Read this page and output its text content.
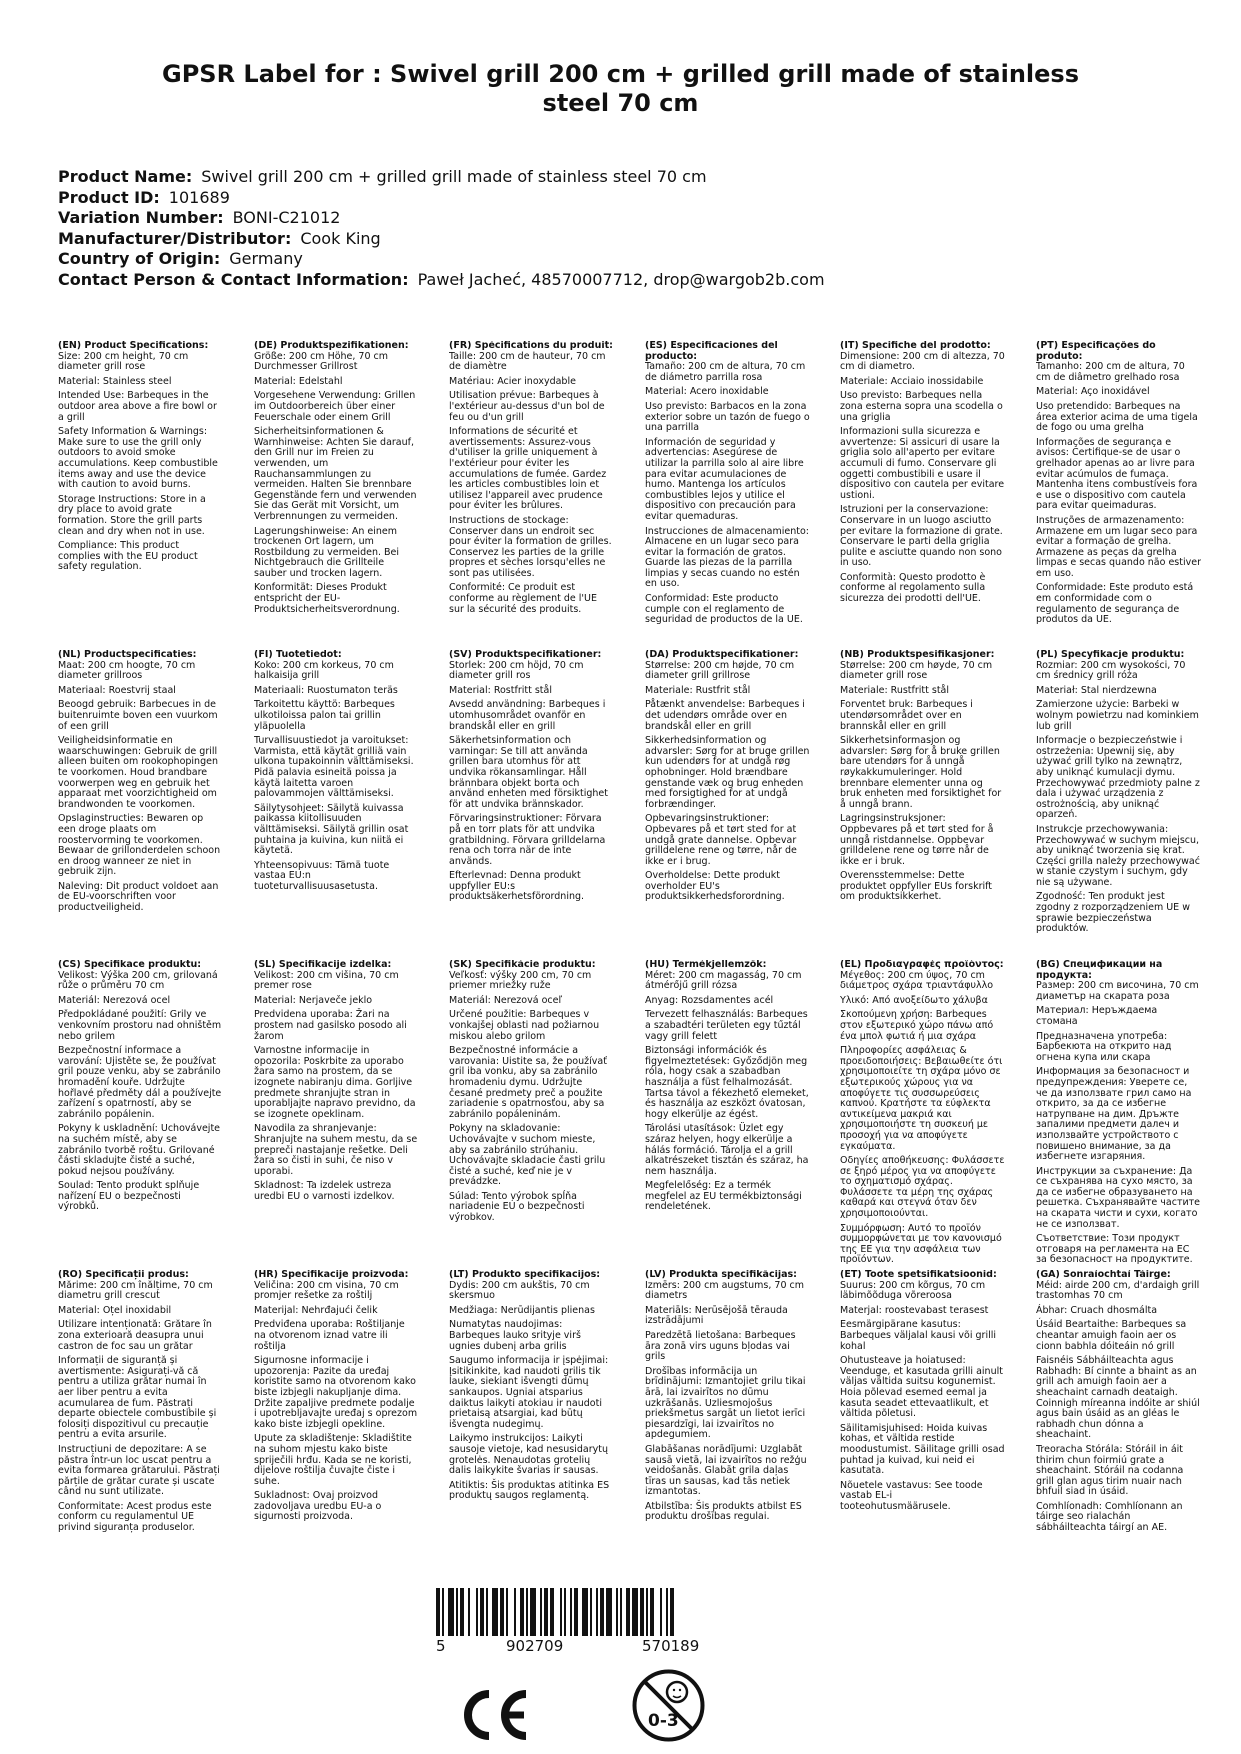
GPSR Label for : Swivel grill 200 cm + grilled grill made of stainless steel 70 cm
Product Name: Swivel grill 200 cm + grilled grill made of stainless steel 70 cm
Product ID: 101689
Variation Number: BONI-C21012
Manufacturer/Distributor: Cook King
Country of Origin: Germany
Contact Person & Contact Information: Paweł Jacheć, 48570007712, drop@wargob2b.com
(EN) Product Specifications:

Size: 200 cm height, 70 cm diameter grill rose

Material: Stainless steel

Intended Use: Barbeques in the outdoor area above a fire bowl or a grill

Safety Information & Warnings: Make sure to use the grill only outdoors to avoid smoke accumulations. Keep combustible items away and use the device with caution to avoid burns.

Storage Instructions: Store in a dry place to avoid grate formation. Store the grill parts clean and dry when not in use.

Compliance: This product complies with the EU product safety regulation.

(DE) Produktspezifikationen:

Größe: 200 cm Höhe, 70 cm Durchmesser Grillrost

Material: Edelstahl

Vorgesehene Verwendung: Grillen im Outdoorbereich über einer Feuerschale oder einem Grill

Sicherheitsinformationen & Warnhinweise: Achten Sie darauf, den Grill nur im Freien zu verwenden, um Rauchansammlungen zu vermeiden. Halten Sie brennbare Gegenstände fern und verwenden Sie das Gerät mit Vorsicht, um Verbrennungen zu vermeiden.

Lagerungshinweise: An einem trockenen Ort lagern, um Rostbildung zu vermeiden. Bei Nichtgebrauch die Grillteile sauber und trocken lagern.

Konformität: Dieses Produkt entspricht der EU-Produktsicherheitsverordnung.

(FR) Spécifications du produit:

Taille: 200 cm de hauteur, 70 cm de diamètre

Matériau: Acier inoxydable

Utilisation prévue: Barbeques à l'extérieur au-dessus d'un bol de feu ou d'un grill

Informations de sécurité et avertissements: Assurez-vous d'utiliser la grille uniquement à l'extérieur pour éviter les accumulations de fumée. Gardez les articles combustibles loin et utilisez l'appareil avec prudence pour éviter les brûlures.

Instructions de stockage: Conserver dans un endroit sec pour éviter la formation de grilles. Conservez les parties de la grille propres et sèches lorsqu'elles ne sont pas utilisées.

Conformité: Ce produit est conforme au règlement de l'UE sur la sécurité des produits.

(ES) Especificaciones del producto:

Tamaño: 200 cm de altura, 70 cm de diámetro parrilla rosa

Material: Acero inoxidable

Uso previsto: Barbacos en la zona exterior sobre un tazón de fuego o una parrilla

Información de seguridad y advertencias: Asegúrese de utilizar la parrilla solo al aire libre para evitar acumulaciones de humo. Mantenga los artículos combustibles lejos y utilice el dispositivo con precaución para evitar quemaduras.

Instrucciones de almacenamiento: Almacene en un lugar seco para evitar la formación de gratos. Guarde las piezas de la parrilla limpias y secas cuando no estén en uso.

Conformidad: Este producto cumple con el reglamento de seguridad de productos de la UE.

(IT) Specifiche del prodotto:

Dimensione: 200 cm di altezza, 70 cm di diametro.

Materiale: Acciaio inossidabile

Uso previsto: Barbeques nella zona esterna sopra una scodella o una griglia

Informazioni sulla sicurezza e avvertenze: Si assicuri di usare la griglia solo all'aperto per evitare accumuli di fumo. Conservare gli oggetti combustibili e usare il dispositivo con cautela per evitare ustioni.

Istruzioni per la conservazione: Conservare in un luogo asciutto per evitare la formazione di grate. Conservare le parti della griglia pulite e asciutte quando non sono in uso.

Conformità: Questo prodotto è conforme al regolamento sulla sicurezza dei prodotti dell'UE.

(PT) Especificações do produto:

Tamanho: 200 cm de altura, 70 cm de diâmetro grelhado rosa

Material: Aço inoxidável

Uso pretendido: Barbeques na área exterior acima de uma tigela de fogo ou uma grelha

Informações de segurança e avisos: Certifique-se de usar o grelhador apenas ao ar livre para evitar acúmulos de fumaça. Mantenha itens combustíveis fora e use o dispositivo com cautela para evitar queimaduras.

Instruções de armazenamento: Armazene em um lugar seco para evitar a formação de grelha. Armazene as peças da grelha limpas e secas quando não estiver em uso.

Conformidade: Este produto está em conformidade com o regulamento de segurança de produtos da UE.

(NL) Productspecificaties:

Maat: 200 cm hoogte, 70 cm diameter grillroos

Materiaal: Roestvrij staal

Beoogd gebruik: Barbecues in de buitenruimte boven een vuurkom of een grill

Veiligheidsinformatie en waarschuwingen: Gebruik de grill alleen buiten om rookophopingen te voorkomen. Houd brandbare voorwerpen weg en gebruik het apparaat met voorzichtigheid om brandwonden te voorkomen.

Opslaginstructies: Bewaren op een droge plaats om roostervorming te voorkomen. Bewaar de grillonderdelen schoon en droog wanneer ze niet in gebruik zijn.

Naleving: Dit product voldoet aan de EU-voorschriften voor productveiligheid.

(FI) Tuotetiedot:

Koko: 200 cm korkeus, 70 cm halkaisija grill

Materiaali: Ruostumaton teräs

Tarkoitettu käyttö: Barbeques ulkotiloissa palon tai grillin yläpuolella

Turvallisuustiedot ja varoitukset: Varmista, että käytät grilliä vain ulkona tupakoinnin välttämiseksi. Pidä palavia esineitä poissa ja käytä laitetta varoen palovammojen välttämiseksi.

Säilytysohjeet: Säilytä kuivassa paikassa kiitollisuuden välttämiseksi. Säilytä grillin osat puhtaina ja kuivina, kun niitä ei käytetä.

Yhteensopivuus: Tämä tuote vastaa EU:n tuoteturvallisuusasetusta.

(SV) Produktspecifikationer:

Storlek: 200 cm höjd, 70 cm diameter grill ros

Material: Rostfritt stål

Avsedd användning: Barbeques i utomhusområdet ovanför en brandskål eller en grill

Säkerhetsinformation och varningar: Se till att använda grillen bara utomhus för att undvika rökansamlingar. Håll brännbara objekt borta och använd enheten med försiktighet för att undvika brännskador.

Förvaringsinstruktioner: Förvara på en torr plats för att undvika gratbildning. Förvara grilldelarna rena och torra när de inte används.

Efterlevnad: Denna produkt uppfyller EU:s produktsäkerhetsförordning.

(DA) Produktspecifikationer:

Størrelse: 200 cm højde, 70 cm diameter grill grillrose

Materiale: Rustfrit stål

Påtænkt anvendelse: Barbeques i det udendørs område over en brandskål eller en grill

Sikkerhedsinformation og advarsler: Sørg for at bruge grillen kun udendørs for at undgå røg ophobninger. Hold brændbare genstande væk og brug enheden med forsigtighed for at undgå forbrændinger.

Opbevaringsinstruktioner: Opbevares på et tørt sted for at undgå grate dannelse. Opbevar grilldelene rene og tørre, når de ikke er i brug.

Overholdelse: Dette produkt overholder EU's produktsikkerhedsforordning.

(NB) Produktspesifikasjoner:

Størrelse: 200 cm høyde, 70 cm diameter grill rose

Materiale: Rustfritt stål

Forventet bruk: Barbeques i utendørsområdet over en brannskål eller en grill

Sikkerhetsinformasjon og advarsler: Sørg for å bruke grillen bare utendørs for å unngå røykakkumuleringer. Hold brennbare elementer unna og bruk enheten med forsiktighet for å unngå brann.

Lagringsinstruksjoner: Oppbevares på et tørt sted for å unngå ristdannelse. Oppbevar grilldelene rene og tørre når de ikke er i bruk.

Overensstemmelse: Dette produktet oppfyller EUs forskrift om produktsikkerhet.

(PL) Specyfikacje produktu:

Rozmiar: 200 cm wysokości, 70 cm średnicy grill róża

Materiał: Stal nierdzewna

Zamierzone użycie: Barbeki w wolnym powietrzu nad kominkiem lub grill

Informacje o bezpieczeństwie i ostrzeżenia: Upewnij się, aby używać grill tylko na zewnątrz, aby uniknąć kumulacji dymu. Przechowywać przedmioty palne z dala i używać urządzenia z ostrożnością, aby uniknąć oparzeń.

Instrukcje przechowywania: Przechowywać w suchym miejscu, aby uniknąć tworzenia się krat. Części grilla należy przechowywać w stanie czystym i suchym, gdy nie są używane.

Zgodność: Ten produkt jest zgodny z rozporządzeniem UE w sprawie bezpieczeństwa produktów.

(CS) Specifikace produktu:

Velikost: Výška 200 cm, grilovaná růže o průměru 70 cm

Materiál: Nerezová ocel

Předpokládané použití: Grily ve venkovním prostoru nad ohništěm nebo grilem

Bezpečnostní informace a varování: Ujistěte se, že používat gril pouze venku, aby se zabránilo hromadění kouře. Udržujte hořlavé předměty dál a používejte zařízení s opatrností, aby se zabránilo popálenin.

Pokyny k uskladnění: Uchovávejte na suchém místě, aby se zabránilo tvorbě roštu. Grilované části skladujte čisté a suché, pokud nejsou používány.

Soulad: Tento produkt splňuje nařízení EU o bezpečnosti výrobků.

(SL) Specifikacije izdelka:

Velikost: 200 cm višina, 70 cm premer rose

Material: Nerjaveče jeklo

Predvidena uporaba: Žari na prostem nad gasilsko posodo ali žarom

Varnostne informacije in opozorila: Poskrbite za uporabo žara samo na prostem, da se izognete nabiranju dima. Gorljive predmete shranjujte stran in uporabljajte napravo previdno, da se izognete opeklinam.

Navodila za shranjevanje: Shranjujte na suhem mestu, da se prepreči nastajanje rešetke. Deli žara so čisti in suhi, če niso v uporabi.

Skladnost: Ta izdelek ustreza uredbi EU o varnosti izdelkov.

(SK) Špecifikácie produktu:

Veľkosť: výšky 200 cm, 70 cm priemer mriežky ruže

Materiál: Nerezová oceľ

Určené použitie: Barbeques v vonkajšej oblasti nad požiarnou miskou alebo grilom

Bezpečnostné informácie a varovania: Uistite sa, že používať gril iba vonku, aby sa zabránilo hromadeniu dymu. Udržujte česané predmety preč a použite zariadenie s opatrnosťou, aby sa zabránilo popáleninám.

Pokyny na skladovanie: Uchovávajte v suchom mieste, aby sa zabránilo strúhaniu. Uchovávajte skladacie časti grilu čisté a suché, keď nie je v prevádzke.

Súlad: Tento výrobok spĺňa nariadenie EÚ o bezpečnosti výrobkov.

(HU) Termékjellemzők:

Méret: 200 cm magasság, 70 cm átmérőjű grill rózsa

Anyag: Rozsdamentes acél

Tervezett felhasználás: Barbeques a szabadtéri területen egy tűztál vagy grill felett

Biztonsági információk és figyelmeztetések: Győződjön meg róla, hogy csak a szabadban használja a füst felhalmozását. Tartsa távol a fékezhető elemeket, és használja az eszközt óvatosan, hogy elkerülje az égést.

Tárolási utasítások: Üzlet egy száraz helyen, hogy elkerülje a hálás formáció. Tárolja el a grill alkatrészeket tisztán és száraz, ha nem használja.

Megfelelőség: Ez a termék megfelel az EU termékbiztonsági rendeletének.

(EL) Προδιαγραφές προϊόντος:

Μέγεθος: 200 cm ύψος, 70 cm διάμετρος σχάρα τριαντάφυλλο

Υλικό: Από ανοξείδωτο χάλυβα

Σκοπούμενη χρήση: Barbeques στον εξωτερικό χώρο πάνω από ένα μπολ φωτιά ή μια σχάρα

Πληροφορίες ασφάλειας & προειδοποιήσεις: Βεβαιωθείτε ότι χρησιμοποιείτε τη σχάρα μόνο σε εξωτερικούς χώρους για να αποφύγετε τις συσσωρεύσεις καπνού. Κρατήστε τα εύφλεκτα αντικείμενα μακριά και χρησιμοποιήστε τη συσκευή με προσοχή για να αποφύγετε εγκαύματα.

Οδηγίες αποθήκευσης: Φυλάσσετε σε ξηρό μέρος για να αποφύγετε το σχηματισμό σχάρας. Φυλάσσετε τα μέρη της σχάρας καθαρά και στεγνά όταν δεν χρησιμοποιούνται.

Συμμόρφωση: Αυτό το προϊόν συμμορφώνεται με τον κανονισμό της ΕΕ για την ασφάλεια των προϊόντων.

(BG) Спецификации на продукта:

Размер: 200 cm височина, 70 cm диаметър на скарата роза

Материал: Неръждаема стомана

Предназначена употреба: Барбекюта на открито над огнена купа или скара

Информация за безопасност и предупреждения: Уверете се, че да използвате грил само на открито, за да се избегне натрупване на дим. Дръжте запалими предмети далеч и използвайте устройството с повишено внимание, за да избегнете изгаряния.

Инструкции за съхранение: Да се съхранява на сухо място, за да се избегне образуването на решетка. Съхранявайте частите на скарата чисти и сухи, когато не се използват.

Съответствие: Този продукт отговаря на регламента на ЕС за безопасност на продуктите.

(RO) Specificații produs:

Mărime: 200 cm înălțime, 70 cm diametru grill crescut

Material: Oțel inoxidabil

Utilizare intenționată: Grătare în zona exterioară deasupra unui castron de foc sau un grătar

Informații de siguranță și avertismente: Asigurați-vă că pentru a utiliza grătar numai în aer liber pentru a evita acumularea de fum. Păstrați departe obiectele combustibile și folosiți dispozitivul cu precauție pentru a evita arsurile.

Instrucțiuni de depozitare: A se păstra într-un loc uscat pentru a evita formarea grătarului. Păstrați părțile de grătar curate și uscate când nu sunt utilizate.

Conformitate: Acest produs este conform cu regulamentul UE privind siguranța produselor.

(HR) Specifikacije proizvoda:

Veličina: 200 cm visina, 70 cm promjer rešetke za roštilj

Materijal: Nehrđajući čelik

Predviđena uporaba: Roštiljanje na otvorenom iznad vatre ili roštilja

Sigurnosne informacije i upozorenja: Pazite da uređaj koristite samo na otvorenom kako biste izbjegli nakupljanje dima. Držite zapaljive predmete podalje i upotrebljavajte uređaj s oprezom kako biste izbjegli opekline.

Upute za skladištenje: Skladištite na suhom mjestu kako biste spriječili hrđu. Kada se ne koristi, dijelove roštilja čuvajte čiste i suhe.

Sukladnost: Ovaj proizvod zadovoljava uredbu EU-a o sigurnosti proizvoda.

(LT) Produkto specifikacijos:

Dydis: 200 cm aukštis, 70 cm skersmuo

Medžiaga: Nerūdijantis plienas

Numatytas naudojimas: Barbeques lauko srityje virš ugnies dubenį arba grilis

Saugumo informacija ir įspėjimai: Įsitikinkite, kad naudoti grilis tik lauke, siekiant išvengti dūmų sankaupos. Ugniai atsparius daiktus laikyti atokiau ir naudoti prietaisą atsargiai, kad būtų išvengta nudegimų.

Laikymo instrukcijos: Laikyti sausoje vietoje, kad nesusidarytų grotelės. Nenaudotas grotelių dalis laikykite švarias ir sausas.

Atitiktis: Šis produktas atitinka ES produktų saugos reglamentą.

(LV) Produkta specifikācijas:

Izmērs: 200 cm augstums, 70 cm diametrs

Materiāls: Nerūsējošā tērauda izstrādājumi

Paredzētā lietošana: Barbeques āra zonā virs uguns bļodas vai grils

Drošības informācija un brīdinājumi: Izmantojiet grilu tikai ārā, lai izvairītos no dūmu uzkrāšanās. Uzliesmojošus priekšmetus sargāt un lietot ierīci piesardzīgi, lai izvairītos no apdegumiem.

Glabāšanas norādījumi: Uzglabāt sausā vietā, lai izvairītos no režģu veidošanās. Glabāt grila daļas tīras un sausas, kad tās netiek izmantotas.

Atbilstība: Šis produkts atbilst ES produktu drošības regulai.

(ET) Toote spetsifikatsioonid:

Suurus: 200 cm kõrgus, 70 cm läbimõõduga võreroosa

Materjal: roostevabast terasest

Eesmärgipärane kasutus: Barbeques väljalal kausi või grilli kohal

Ohutusteave ja hoiatused: Veenduge, et kasutada grilli ainult väljas vältida suitsu kogunemist. Hoia põlevad esemed eemal ja kasuta seadet ettevaatlikult, et vältida põletusi.

Säilitamisjuhised: Hoida kuivas kohas, et vältida restide moodustumist. Säilitage grilli osad puhtad ja kuivad, kui neid ei kasutata.

Nõuetele vastavus: See toode vastab EL-i tooteohutusmäärusele.

(GA) Sonraíochtaí Táirge:

Méid: airde 200 cm, d'ardaigh grill trastomhas 70 cm

Ábhar: Cruach dhosmálta

Úsáid Beartaithe: Barbeques sa cheantar amuigh faoin aer os cionn babhla dóiteáin nó grill

Faisnéis Sábháilteachta agus Rabhadh: Bí cinnte a bhaint as an grill ach amuigh faoin aer a sheachaint carnadh deataigh. Coinnigh míreanna indóite ar shiúl agus bain úsáid as an gléas le rabhadh chun dónna a sheachaint.

Treoracha Stórála: Stóráil in áit thirim chun foirmiú grate a sheachaint. Stóráil na codanna grill glan agus tirim nuair nach bhfuil siad in úsáid.

Comhlíonadh: Comhlíonann an táirge seo rialachán sábháilteachta táirgí an AE.

5	902709	570189
0-3
